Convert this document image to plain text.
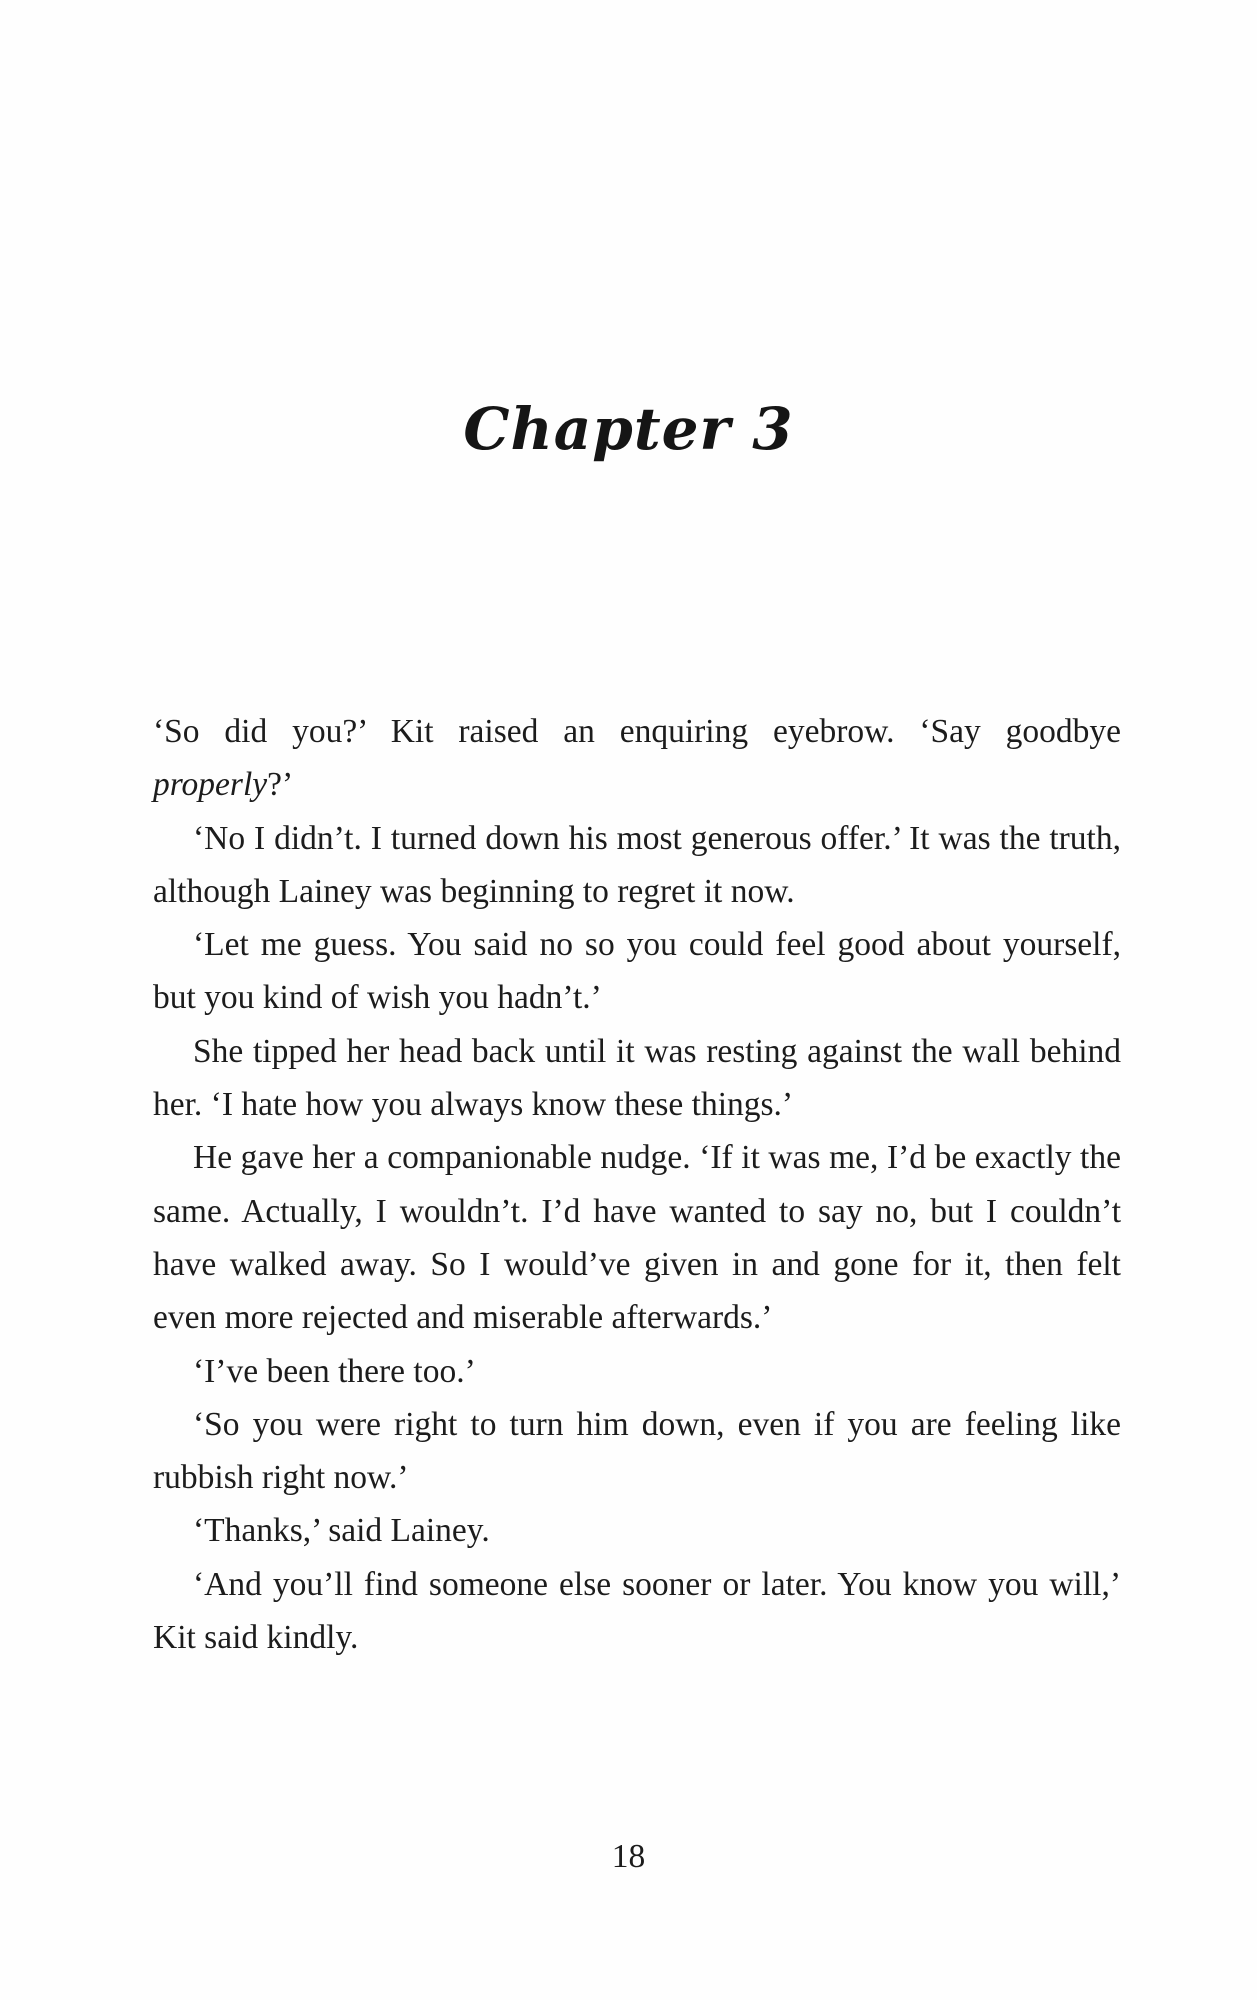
Chapter 3

‘So did you?’ Kit raised an enquiring eyebrow. ‘Say goodbye properly?’

‘No I didn’t. I turned down his most generous offer.’ It was the truth, although Lainey was beginning to regret it now.

‘Let me guess. You said no so you could feel good about yourself, but you kind of wish you hadn’t.’

She tipped her head back until it was resting against the wall behind her. ‘I hate how you always know these things.’

He gave her a companionable nudge. ‘If it was me, I’d be exactly the same. Actually, I wouldn’t. I’d have wanted to say no, but I couldn’t have walked away. So I would’ve given in and gone for it, then felt even more rejected and miserable afterwards.’

‘I’ve been there too.’

‘So you were right to turn him down, even if you are feeling like rubbish right now.’

‘Thanks,’ said Lainey.

‘And you’ll find someone else sooner or later. You know you will,’ Kit said kindly.

18
